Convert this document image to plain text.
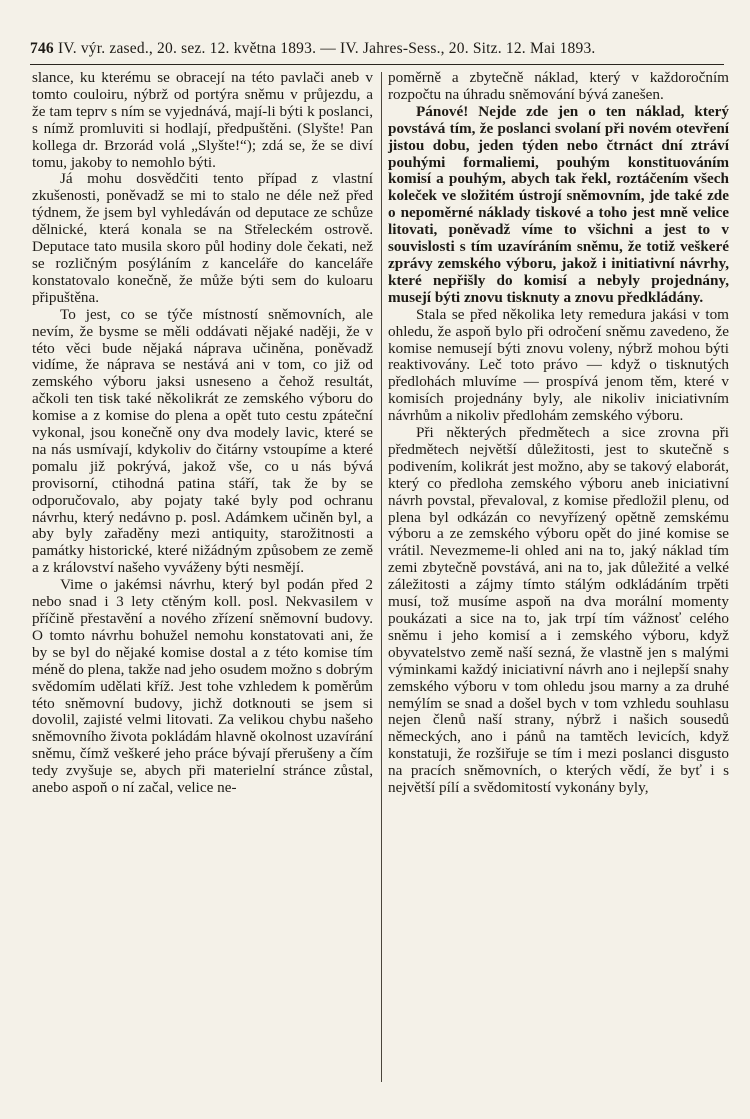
746 IV. výr. zased., 20. sez. 12. května 1893. — IV. Jahres-Sess., 20. Sitz. 12. Mai 1893.

slance, ku kterému se obracejí na této pavlači aneb v tomto couloiru, nýbrž od portýra sněmu v průjezdu, a že tam teprv s ním se vyjednává, mají-li býti k poslanci, s nímž promluviti si hodlají, předpuštěni. (Slyšte! Pan kollega dr. Brzorád volá „Slyšte!“); zdá se, že se diví tomu, jakoby to nemohlo býti.

Já mohu dosvědčiti tento případ z vlastní zkušenosti, poněvadž se mi to stalo ne déle než před týdnem, že jsem byl vyhledáván od deputace ze schůze dělnické, která konala se na Střeleckém ostrově. Deputace tato musila skoro půl hodiny dole čekati, než se rozličným posýláním z kanceláře do kanceláře konstatovalo konečně, že může býti sem do kuloaru připuštěna.

To jest, co se týče místností sněmovních, ale nevím, že bysme se měli oddávati nějaké naději, že v této věci bude nějaká náprava učiněna, poněvadž vidíme, že náprava se nestává ani v tom, co již od zemského výboru jaksi usneseno a čehož resultát, ačkoli ten tisk také několikrát ze zemského výboru do komise a z komise do plena a opět tuto cestu zpáteční vykonal, jsou konečně ony dva modely lavic, které se na nás usmívají, kdykoliv do čitárny vstoupíme a které pomalu již pokrývá, jakož vše, co u nás bývá provisorní, ctihodná patina stáří, tak že by se odporučovalo, aby pojaty také byly pod ochranu návrhu, který nedávno p. posl. Adámkem učiněn byl, a aby byly zařaděny mezi antiquity, starožitnosti a památky historické, které nižádným způsobem ze země a z království našeho vyváženy býti nesmějí.

Vime o jakémsi návrhu, který byl podán před 2 nebo snad i 3 lety ctěným koll. posl. Nekvasilem v příčině přestavění a nového zřízení sněmovní budovy. O tomto návrhu bohužel nemohu konstatovati ani, že by se byl do nějaké komise dostal a z této komise tím méně do plena, takže nad jeho osudem možno s dobrým svědomím udělati kříž. Jest tohe vzhledem k poměrům této sněmovní budovy, jichž dotknouti se jsem si dovolil, zajisté velmi litovati. Za velikou chybu našeho sněmovního života pokládám hlavně okolnost uzavírání sněmu, čímž veškeré jeho práce bývají přerušeny a čím tedy zvyšuje se, abych při materielní stránce zůstal, anebo aspoň o ní začal, velice ne-

poměrně a zbytečně náklad, který v každoročním rozpočtu na úhradu sněmování bývá zanešen.

Pánové! Nejde zde jen o ten náklad, který povstává tím, že poslanci svolaní při novém otevření jistou dobu, jeden týden nebo čtrnáct dní ztráví pouhými formaliemi, pouhým konstituováním komisí a pouhým, abych tak řekl, roztáčením všech koleček ve složitém ústrojí sněmovním, jde také zde o nepoměrné náklady tiskové a toho jest mně velice litovati, poněvadž víme to všichni a jest to v souvislosti s tím uzavíráním sněmu, že totiž veškeré zprávy zemského výboru, jakož i initiativní návrhy, které nepřišly do komisí a nebyly projednány, musejí býti znovu tisknuty a znovu předkládány.

Stala se před několika lety remedura jakási v tom ohledu, že aspoň bylo při odročení sněmu zavedeno, že komise nemusejí býti znovu voleny, nýbrž mohou býti reaktivovány. Leč toto právo — když o tisknutých předlohách mluvíme — prospívá jenom těm, které v komisích projednány byly, ale nikoliv iniciativním návrhům a nikoliv předlohám zemského výboru.

Při některých předmětech a sice zrovna při předmětech největší důležitosti, jest to skutečně s podivením, kolikrát jest možno, aby se takový elaborát, který co předloha zemského výboru aneb iniciativní návrh povstal, převaloval, z komise předložil plenu, od plena byl odkázán co nevyřízený opětně zemskému výboru a ze zemského výboru opět do jiné komise se vrátil. Nevezmeme-li ohled ani na to, jaký náklad tím zemi zbytečně povstává, ani na to, jak důležité a velké záležitosti a zájmy tímto stálým odkládáním trpěti musí, tož musíme aspoň na dva morální momenty poukázati a sice na to, jak trpí tím vážnosť celého sněmu i jeho komisí a i zemského výboru, když obyvatelstvo země naší sezná, že vlastně jen s malými výminkami každý iniciativní návrh ano i nejlepší snahy zemského výboru v tom ohledu jsou marny a za druhé nemýlím se snad a došel bych v tom vzhledu souhlasu nejen členů naší strany, nýbrž i našich sousedů německých, ano i pánů na tamtěch levicích, když konstatuji, že rozšiřuje se tím i mezi poslanci disgusto na pracích sněmovních, o kterých vědí, že byť i s největší pílí a svědomitostí vykonány byly,
